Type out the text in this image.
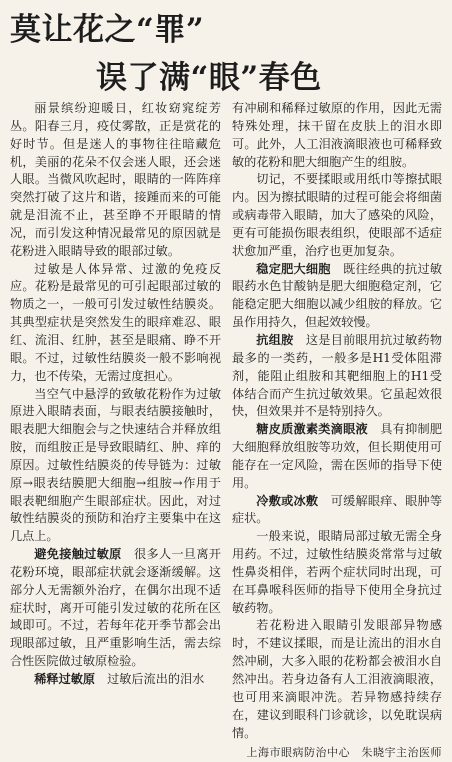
莫让花之“罪”
误了满“眼”春色

丽景缤纷迎暖日，红妆窈窕绽芳丛。阳春三月，疫仗雾散，正是赏花的好时节。但是迷人的事物往往暗藏危机，美丽的花朵不仅会迷人眼，还会迷人眼。当微风吹起时，眼睛的一阵阵痒突然打破了这片和谐，接踵而来的可能就是泪流不止，甚至睁不开眼睛的情况，而引发这种情况最常见的原因就是花粉进入眼睛导致的眼部过敏。

过敏是人体异常、过激的免疫反应。花粉是最常见的可引起眼部过敏的物质之一，一般可引发过敏性结膜炎。其典型症状是突然发生的眼痒难忍、眼红、流泪、红肿，甚至是眼痛、睁不开眼。不过，过敏性结膜炎一般不影响视力，也不传染，无需过度担心。

当空气中悬浮的致敏花粉作为过敏原进入眼睛表面，与眼表结膜接触时，眼表肥大细胞会与之快速结合并释放组胺，而组胺正是导致眼睛红、肿、痒的原因。过敏性结膜炎的传导链为：过敏原→眼表结膜肥大细胞→组胺→作用于眼表靶细胞产生眼部症状。因此，对过敏性结膜炎的预防和治疗主要集中在这几点上。

避免接触过敏原　 很多人一旦离开花粉环境，眼部症状就会逐渐缓解。这部分人无需额外治疗，在偶尔出现不适症状时，离开可能引发过敏的花所在区域即可。不过，若每年花开季节都会出现眼部过敏，且严重影响生活，需去综合性医院做过敏原检验。

稀释过敏原　 过敏后流出的泪水

有冲刷和稀释过敏原的作用，因此无需特殊处理，抹干留在皮肤上的泪水即可。此外，人工泪液滴眼液也可稀释致敏的花粉和肥大细胞产生的组胺。

切记，不要揉眼或用纸巾等擦拭眼内。因为擦拭眼睛的过程可能会将细菌或病毒带入眼睛，加大了感染的风险，更有可能损伤眼表组织，使眼部不适症状愈加严重，治疗也更加复杂。

稳定肥大细胞　 既往经典的抗过敏眼药水色甘酸钠是肥大细胞稳定剂，它能稳定肥大细胞以减少组胺的释放。它虽作用持久，但起效较慢。

抗组胺　 这是目前眼用抗过敏药物最多的一类药，一般多是H1受体阻滞剂，能阻止组胺和其靶细胞上的H1受体结合而产生抗过敏效果。它虽起效很快，但效果并不是特别持久。

糖皮质激素类滴眼液　 具有抑制肥大细胞释放组胺等功效，但长期使用可能存在一定风险，需在医师的指导下使用。

冷敷或冰敷　 可缓解眼痒、眼肿等症状。

一般来说，眼睛局部过敏无需全身用药。不过，过敏性结膜炎常常与过敏性鼻炎相伴，若两个症状同时出现，可在耳鼻喉科医师的指导下使用全身抗过敏药物。

若花粉进入眼睛引发眼部异物感时，不建议揉眼，而是让流出的泪水自然冲刷，大多入眼的花粉都会被泪水自然冲出。若身边备有人工泪液滴眼液，也可用来滴眼冲洗。若异物感持续存在，建议到眼科门诊就诊，以免耽误病情。

上海市眼病防治中心　朱晓宇主治医师
